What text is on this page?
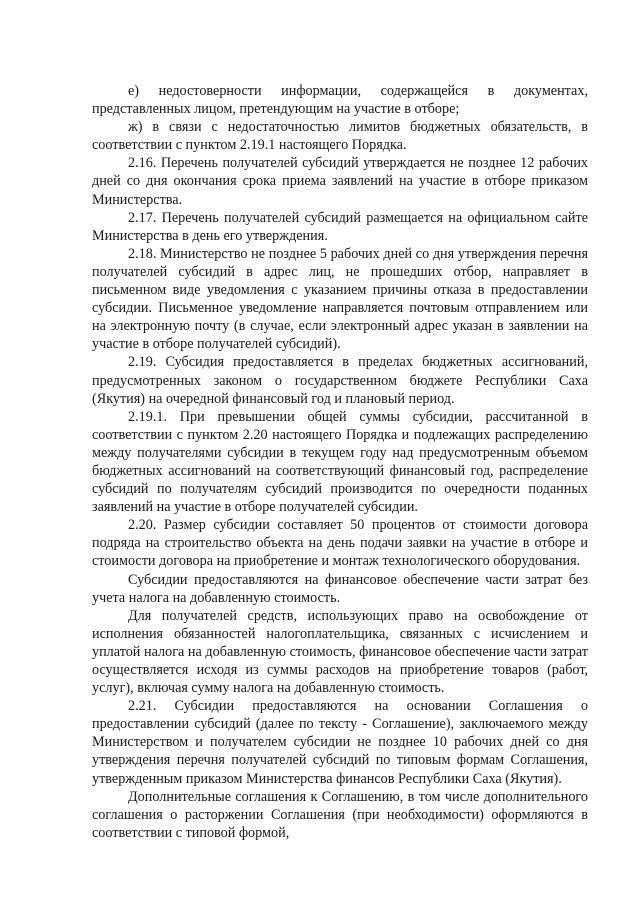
е) недостоверности информации, содержащейся в документах, представленных лицом, претендующим на участие в отборе;

ж) в связи с недостаточностью лимитов бюджетных обязательств, в соответствии с пунктом 2.19.1 настоящего Порядка.

2.16. Перечень получателей субсидий утверждается не позднее 12 рабочих дней со дня окончания срока приема заявлений на участие в отборе приказом Министерства.

2.17. Перечень получателей субсидий размещается на официальном сайте Министерства в день его утверждения.

2.18. Министерство не позднее 5 рабочих дней со дня утверждения перечня получателей субсидий в адрес лиц, не прошедших отбор, направляет в письменном виде уведомления с указанием причины отказа в предоставлении субсидии. Письменное уведомление направляется почтовым отправлением или на электронную почту (в случае, если электронный адрес указан в заявлении на участие в отборе получателей субсидий).

2.19. Субсидия предоставляется в пределах бюджетных ассигнований, предусмотренных законом о государственном бюджете Республики Саха (Якутия) на очередной финансовый год и плановый период.

2.19.1. При превышении общей суммы субсидии, рассчитанной в соответствии с пунктом 2.20 настоящего Порядка и подлежащих распределению между получателями субсидии в текущем году над предусмотренным объемом бюджетных ассигнований на соответствующий финансовый год, распределение субсидий по получателям субсидий производится по очередности поданных заявлений на участие в отборе получателей субсидии.

2.20. Размер субсидии составляет 50 процентов от стоимости договора подряда на строительство объекта на день подачи заявки на участие в отборе и стоимости договора на приобретение и монтаж технологического оборудования.

Субсидии предоставляются на финансовое обеспечение части затрат без учета налога на добавленную стоимость.

Для получателей средств, использующих право на освобождение от исполнения обязанностей налогоплательщика, связанных с исчислением и уплатой налога на добавленную стоимость, финансовое обеспечение части затрат осуществляется исходя из суммы расходов на приобретение товаров (работ, услуг), включая сумму налога на добавленную стоимость.

2.21. Субсидии предоставляются на основании Соглашения о предоставлении субсидий (далее по тексту - Соглашение), заключаемого между Министерством и получателем субсидии не позднее 10 рабочих дней со дня утверждения перечня получателей субсидий по типовым формам Соглашения, утвержденным приказом Министерства финансов Республики Саха (Якутия).

Дополнительные соглашения к Соглашению, в том числе дополнительного соглашения о расторжении Соглашения (при необходимости) оформляются в соответствии с типовой формой,
